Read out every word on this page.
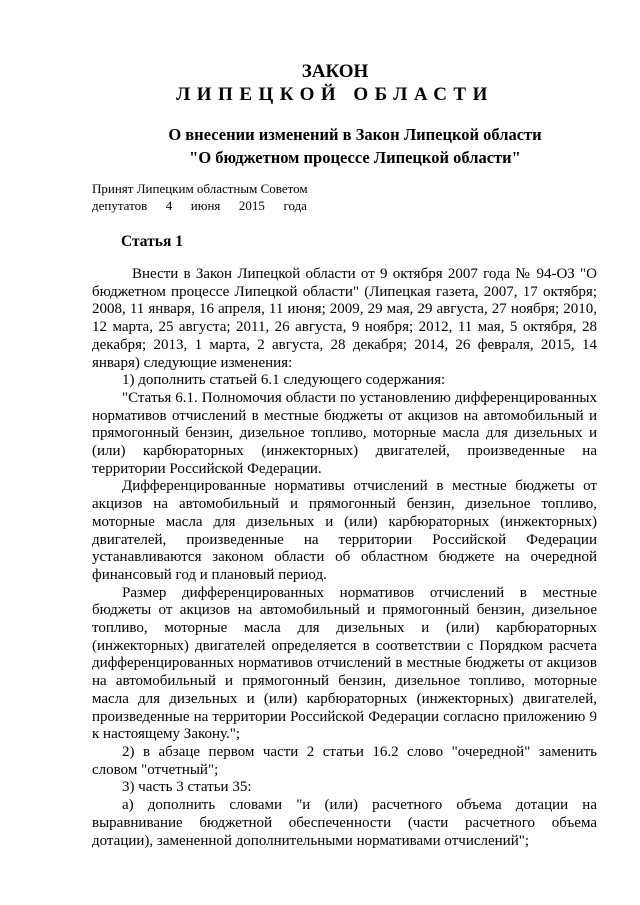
ЗАКОН
ЛИПЕЦКОЙ ОБЛАСТИ
О внесении изменений в Закон Липецкой области
"О бюджетном процессе Липецкой области"
Принят Липецким областным Советом
депутатов 4 июня 2015 года
Статья 1

Внести в Закон Липецкой области от 9 октября 2007 года № 94-ОЗ "О бюджетном процессе Липецкой области" (Липецкая газета, 2007, 17 октября; 2008, 11 января, 16 апреля, 11 июня; 2009, 29 мая, 29 августа, 27 ноября; 2010, 12 марта, 25 августа; 2011, 26 августа, 9 ноября; 2012, 11 мая, 5 октября, 28 декабря; 2013, 1 марта, 2 августа, 28 декабря; 2014, 26 февраля, 2015, 14 января) следующие изменения:

1) дополнить статьей 6.1 следующего содержания:

"Статья 6.1. Полномочия области по установлению дифференцированных нормативов отчислений в местные бюджеты от акцизов на автомобильный и прямогонный бензин, дизельное топливо, моторные масла для дизельных и (или) карбюраторных (инжекторных) двигателей, произведенные на территории Российской Федерации.

Дифференцированные нормативы отчислений в местные бюджеты от акцизов на автомобильный и прямогонный бензин, дизельное топливо, моторные масла для дизельных и (или) карбюраторных (инжекторных) двигателей, произведенные на территории Российской Федерации устанавливаются законом области об областном бюджете на очередной финансовый год и плановый период.

Размер дифференцированных нормативов отчислений в местные бюджеты от акцизов на автомобильный и прямогонный бензин, дизельное топливо, моторные масла для дизельных и (или) карбюраторных (инжекторных) двигателей определяется в соответствии с Порядком расчета дифференцированных нормативов отчислений в местные бюджеты от акцизов на автомобильный и прямогонный бензин, дизельное топливо, моторные масла для дизельных и (или) карбюраторных (инжекторных) двигателей, произведенные на территории Российской Федерации согласно приложению 9 к настоящему Закону.";

2) в абзаце первом части 2 статьи 16.2 слово "очередной" заменить словом "отчетный";

3) часть 3 статьи 35:

а) дополнить словами "и (или) расчетного объема дотации на выравнивание бюджетной обеспеченности (части расчетного объема дотации), замененной дополнительными нормативами отчислений";
